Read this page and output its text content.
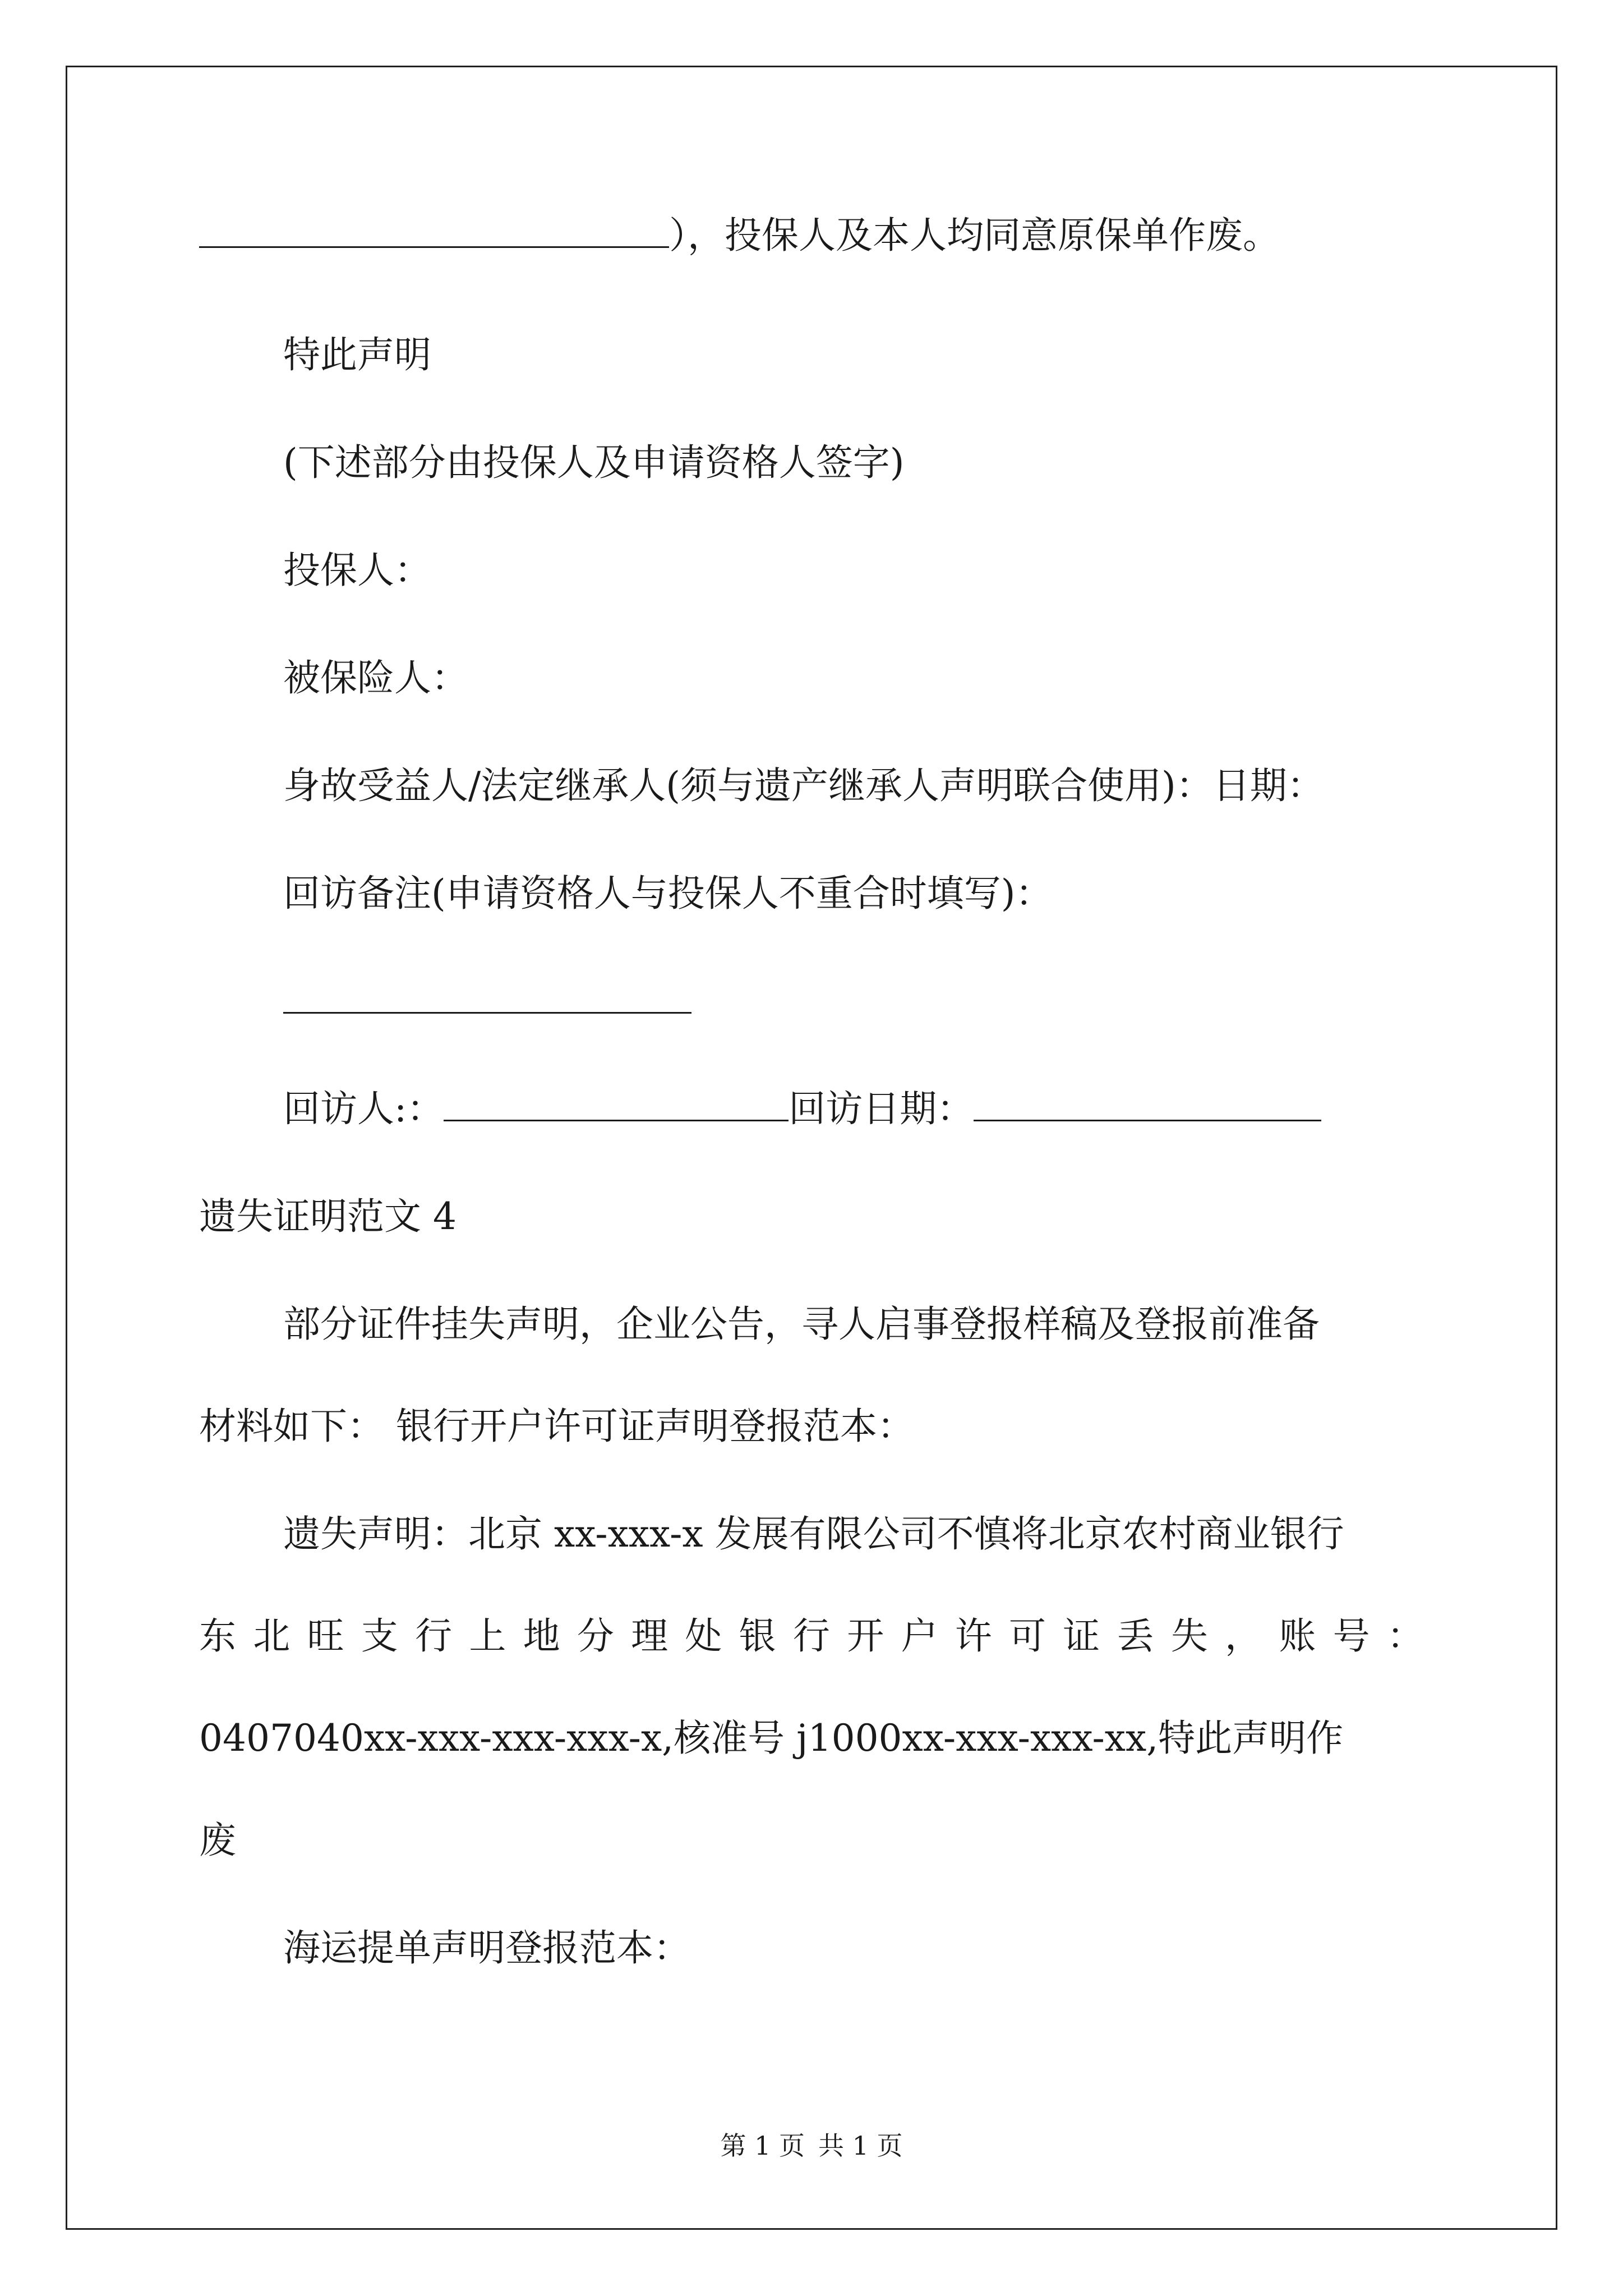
），投保人及本人均同意原保单作废。
特此声明
(下述部分由投保人及申请资格人签字)
投保人：
被保险人：
身故受益人/法定继承人(须与遗产继承人声明联合使用)：日期：
回访备注(申请资格人与投保人不重合时填写)：
回访人:：	回访日期：
遗失证明范文 4
部分证件挂失声明，企业公告，寻人启事登报样稿及登报前准备
材料如下： 银行开户许可证声明登报范本：
遗失声明：北京 xx-xxx-x 发展有限公司不慎将北京农村商业银行
东 北 旺 支 行 上 地 分 理 处 银 行 开 户 许 可 证 丢 失 ， 账 号 ：
0407040xx-xxx-xxx-xxx-x,核准号 j1000xx-xxx-xxx-xx,特此声明作
废
海运提单声明登报范本：
第 1 页 共 1 页
